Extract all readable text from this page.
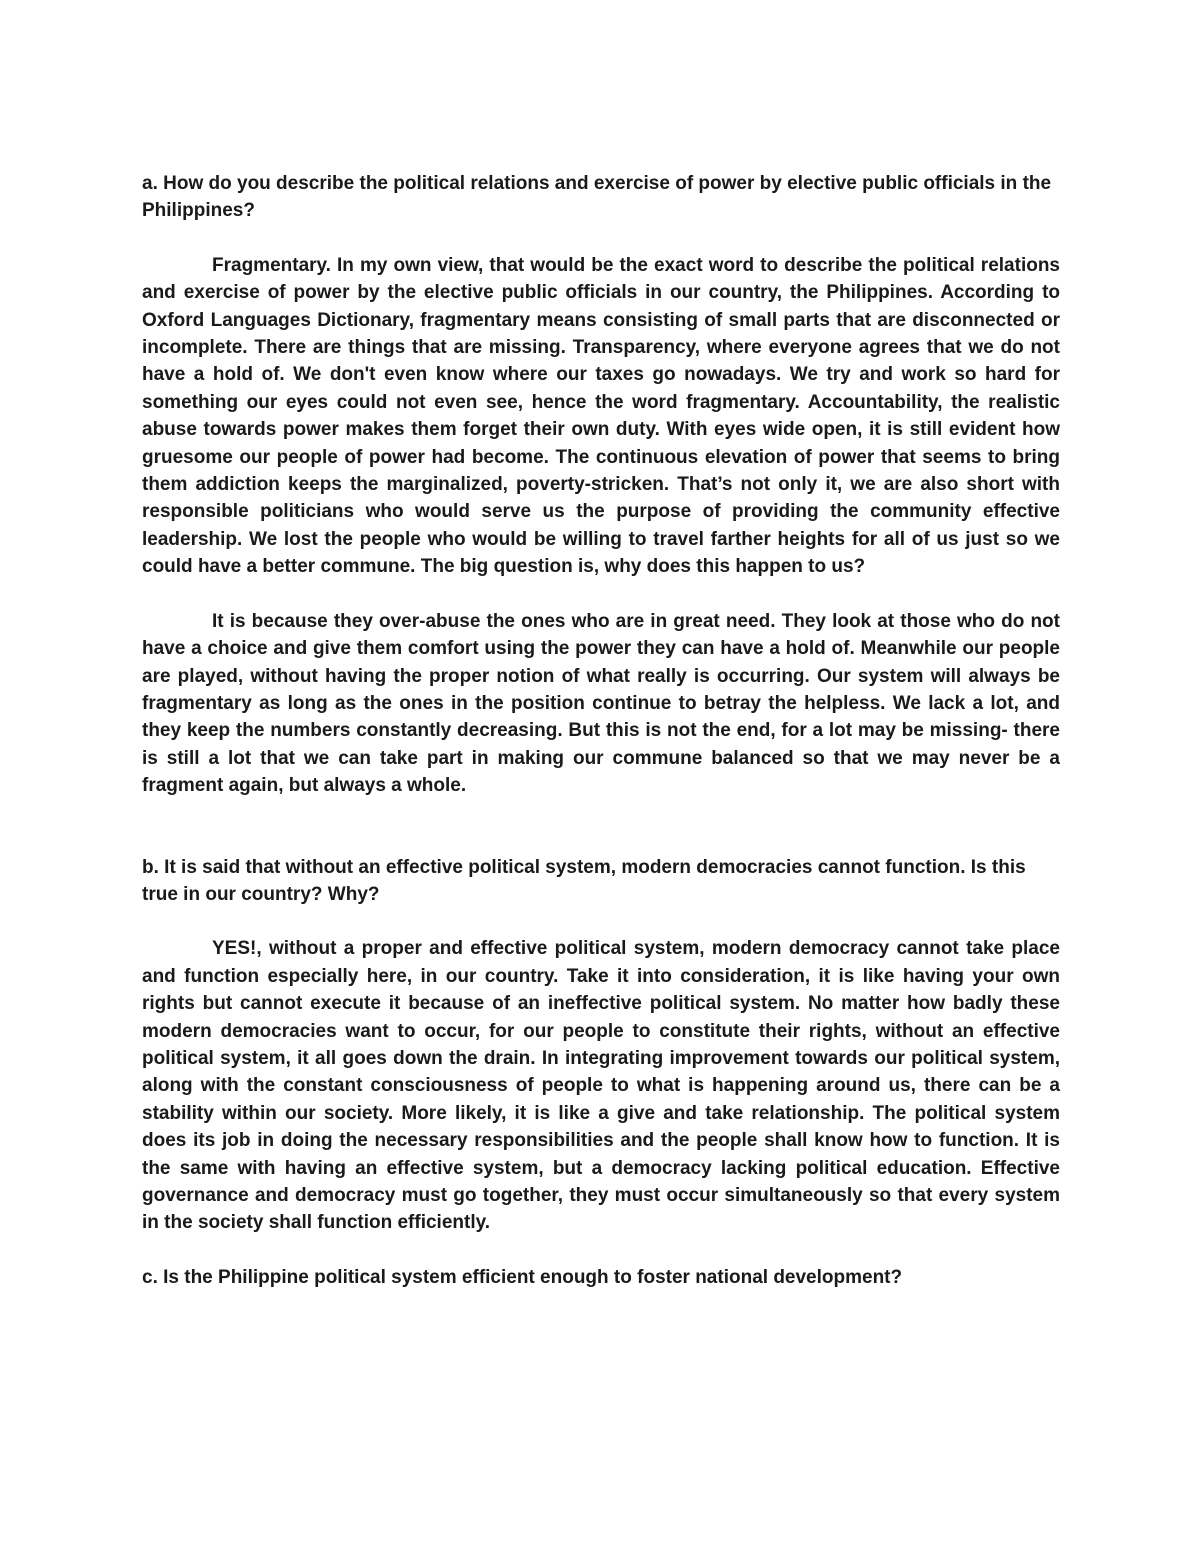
a. How do you describe the political relations and exercise of power by elective public officials in the Philippines?

Fragmentary. In my own view, that would be the exact word to describe the political relations and exercise of power by the elective public officials in our country, the Philippines. According to Oxford Languages Dictionary, fragmentary means consisting of small parts that are disconnected or incomplete. There are things that are missing. Transparency, where everyone agrees that we do not have a hold of. We don't even know where our taxes go nowadays. We try and work so hard for something our eyes could not even see, hence the word fragmentary. Accountability, the realistic abuse towards power makes them forget their own duty. With eyes wide open, it is still evident how gruesome our people of power had become. The continuous elevation of power that seems to bring them addiction keeps the marginalized, poverty-stricken. That’s not only it, we are also short with responsible politicians who would serve us the purpose of providing the community effective leadership. We lost the people who would be willing to travel farther heights for all of us just so we could have a better commune. The big question is, why does this happen to us?

It is because they over-abuse the ones who are in great need. They look at those who do not have a choice and give them comfort using the power they can have a hold of. Meanwhile our people are played, without having the proper notion of what really is occurring. Our system will always be fragmentary as long as the ones in the position continue to betray the helpless. We lack a lot, and they keep the numbers constantly decreasing. But this is not the end, for a lot may be missing- there is still a lot that we can take part in making our commune balanced so that we may never be a fragment again, but always a whole.

b. It is said that without an effective political system, modern democracies cannot function. Is this true in our country? Why?

YES!, without a proper and effective political system, modern democracy cannot take place and function especially here, in our country. Take it into consideration, it is like having your own rights but cannot execute it because of an ineffective political system. No matter how badly these modern democracies want to occur, for our people to constitute their rights, without an effective political system, it all goes down the drain. In integrating improvement towards our political system, along with the constant consciousness of people to what is happening around us, there can be a stability within our society. More likely, it is like a give and take relationship. The political system does its job in doing the necessary responsibilities and the people shall know how to function. It is the same with having an effective system, but a democracy lacking political education. Effective governance and democracy must go together, they must occur simultaneously so that every system in the society shall function efficiently.

c. Is the Philippine political system efficient enough to foster national development?
